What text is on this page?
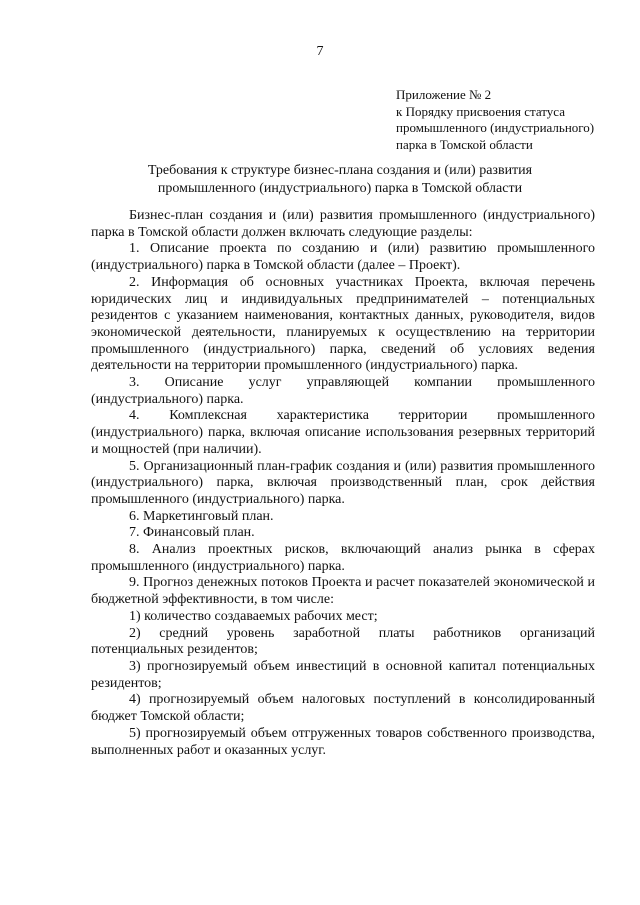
7
Приложение № 2
к Порядку присвоения статуса
промышленного (индустриального)
парка в Томской области
Требования к структуре бизнес-плана создания и (или) развития
промышленного (индустриального) парка в Томской области

Бизнес-план создания и (или) развития промышленного (индустриального) парка в Томской области должен включать следующие разделы:

1. Описание проекта по созданию и (или) развитию промышленного (индустриального) парка в Томской области (далее – Проект).

2. Информация об основных участниках Проекта, включая перечень юридических лиц и индивидуальных предпринимателей – потенциальных резидентов с указанием наименования, контактных данных, руководителя, видов экономической деятельности, планируемых к осуществлению на территории промышленного (индустриального) парка, сведений об условиях ведения деятельности на территории промышленного (индустриального) парка.

3. Описание услуг управляющей компании промышленного (индустриального) парка.

4. Комплексная характеристика территории промышленного (индустриального) парка, включая описание использования резервных территорий и мощностей (при наличии).

5. Организационный план-график создания и (или) развития промышленного (индустриального) парка, включая производственный план, срок действия промышленного (индустриального) парка.

6. Маркетинговый план.

7. Финансовый план.

8. Анализ проектных рисков, включающий анализ рынка в сферах промышленного (индустриального) парка.

9. Прогноз денежных потоков Проекта и расчет показателей экономической и бюджетной эффективности, в том числе:

1) количество создаваемых рабочих мест;

2) средний уровень заработной платы работников организаций потенциальных резидентов;

3) прогнозируемый объем инвестиций в основной капитал потенциальных резидентов;

4) прогнозируемый объем налоговых поступлений в консолидированный бюджет Томской области;

5) прогнозируемый объем отгруженных товаров собственного производства, выполненных работ и оказанных услуг.
